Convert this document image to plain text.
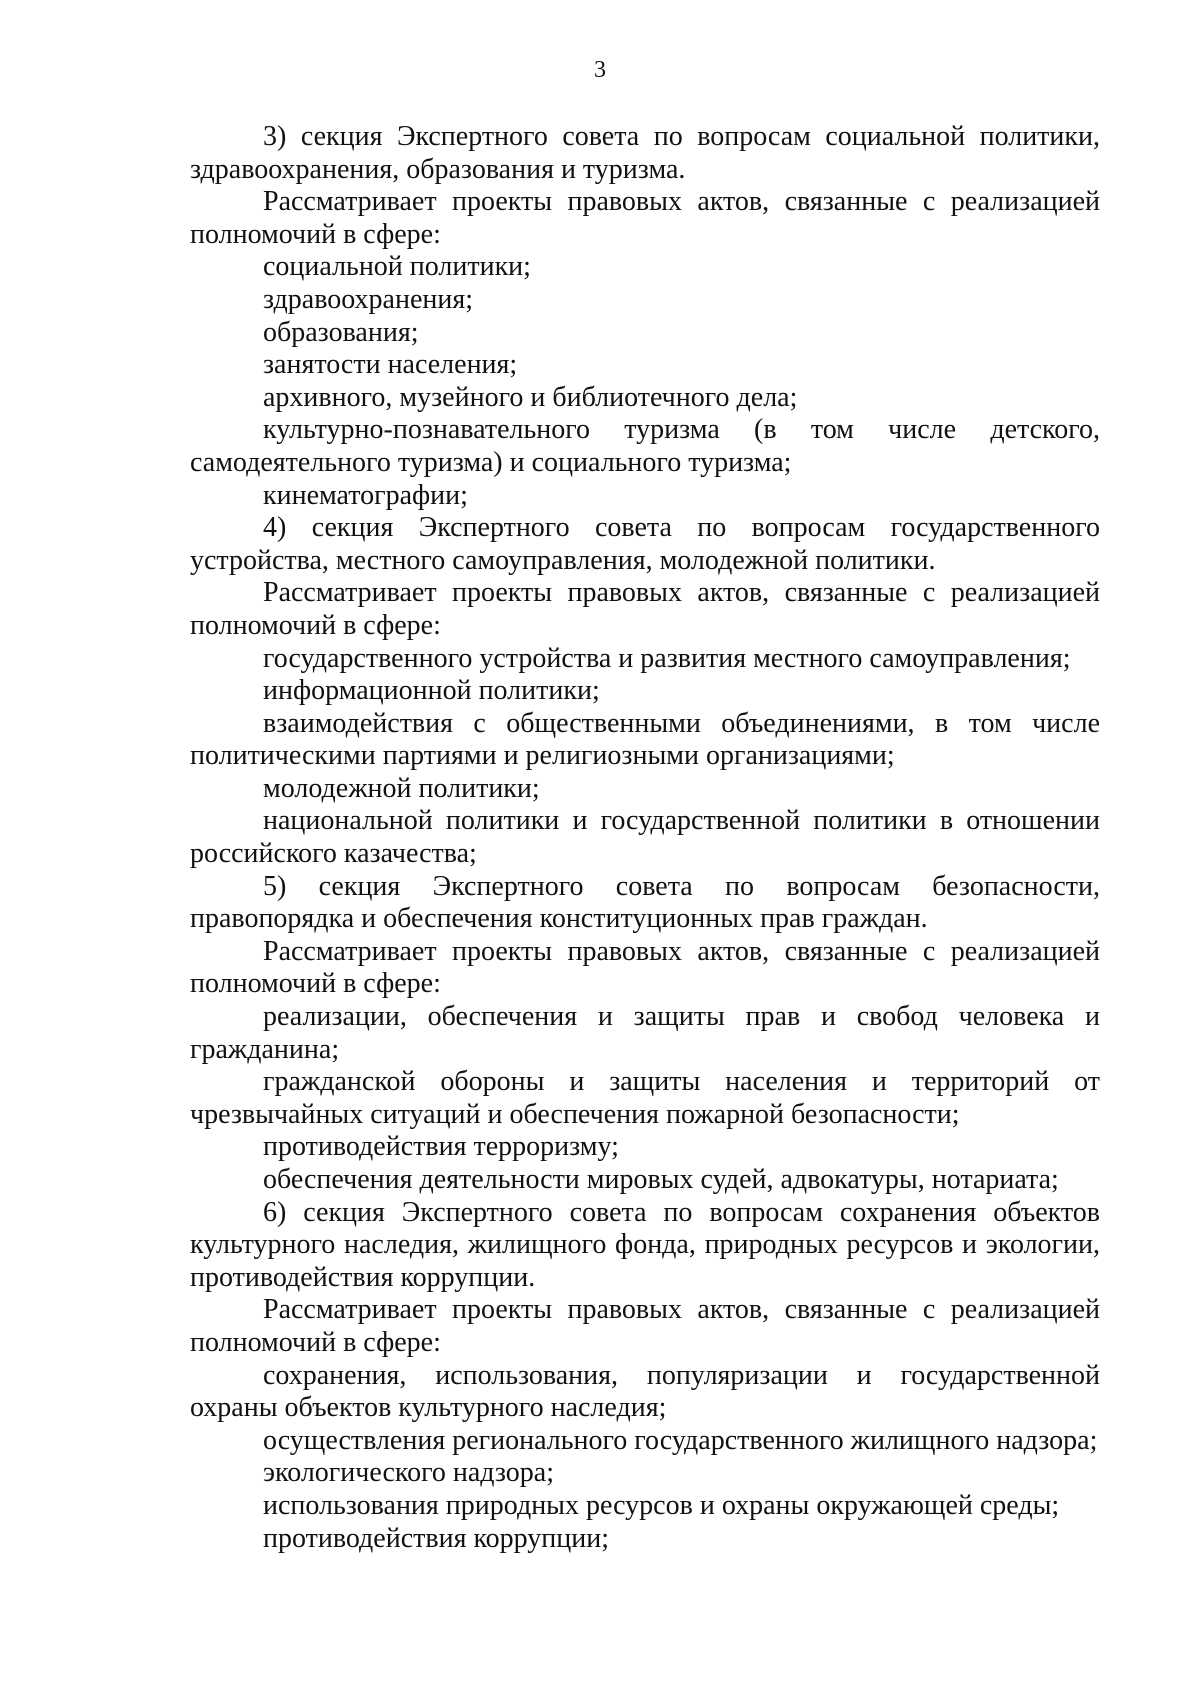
3

3) секция Экспертного совета по вопросам социальной политики, здравоохранения, образования и туризма.

Рассматривает проекты правовых актов, связанные с реализацией полномочий в сфере:

социальной политики;

здравоохранения;

образования;

занятости населения;

архивного, музейного и библиотечного дела;

культурно-познавательного туризма (в том числе детского, самодеятельного туризма) и социального туризма;

кинематографии;

4) секция Экспертного совета по вопросам государственного устройства, местного самоуправления, молодежной политики.

Рассматривает проекты правовых актов, связанные с реализацией полномочий в сфере:

государственного устройства и развития местного самоуправления;

информационной политики;

взаимодействия с общественными объединениями, в том числе политическими партиями и религиозными организациями;

молодежной политики;

национальной политики и государственной политики в отношении российского казачества;

5) секция Экспертного совета по вопросам безопасности, правопорядка и обеспечения конституционных прав граждан.

Рассматривает проекты правовых актов, связанные с реализацией полномочий в сфере:

реализации, обеспечения и защиты прав и свобод человека и гражданина;

гражданской обороны и защиты населения и территорий от чрезвычайных ситуаций и обеспечения пожарной безопасности;

противодействия терроризму;

обеспечения деятельности мировых судей, адвокатуры, нотариата;

6) секция Экспертного совета по вопросам сохранения объектов культурного наследия, жилищного фонда, природных ресурсов и экологии, противодействия коррупции.

Рассматривает проекты правовых актов, связанные с реализацией полномочий в сфере:

сохранения, использования, популяризации и государственной охраны объектов культурного наследия;

осуществления регионального государственного жилищного надзора;

экологического надзора;

использования природных ресурсов и охраны окружающей среды;

противодействия коррупции;
